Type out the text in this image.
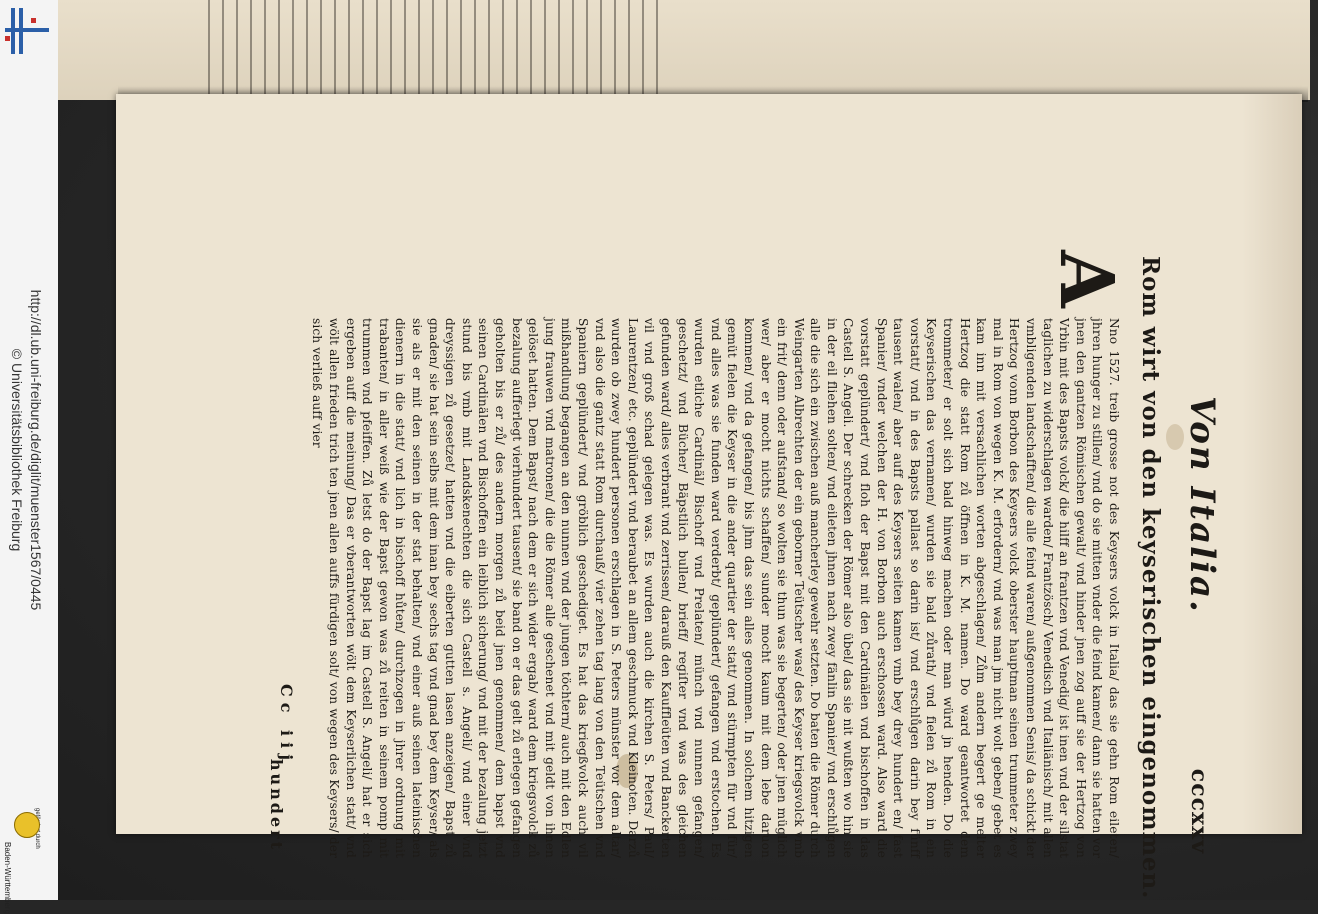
http://dl.ub.uni-freiburg.de/diglit/muenster1567/0445
© Universitätsbibliothek Freiburg
Baden-Württemberg
Von Italia.
cccxxv
Rom wirt von den keyserischen eingenommen.
A
Nno 1527. treib grosse not des Keysers volck in Italia/ das sie gehn Rom eileten/ jhren hunger zu stillen/ vnd do sie mitten vnder die feind kamen/ dann sie hatten vor jnen den gantzen Römischen gewalt/ vnd hinder jnen zog auff sie der Hertzog von Vrbin mit des Bapsts volck/ die hilff an frantzen vnd Venedig/ ist inen vnd der silstat taglichen zu widerschlagen warden/ Frantzösch/ Venedisch vnd Italiänisch/ mit allen vmbligenden landschafften/ die alle feind waren/ außgenommen Senis/ da schickt der Hertzog vonn Borbon des Keysers volck oberster hauptman seinen trummeter zwey mal in Rom von wegen K. M. erfordern/ vnd was man jm nicht wolt geben/ gebet es kam inn mit versachlichen worten abgeschlagen/ Zům andern begert ge melter Hertzog die statt Rom zů öffnen in K. M. namen. Do ward geantwortet dem trommeter/ er solt sich bald hinweg machen oder man würd jn henden. Do die Keyserischen das vernamen/ wurden sie bald zůrath/ vnd fielen zů Rom in ein vorstatt/ vnd in des Bapsts pallast so darin ist/ vnd erschlůgen darin bey fünff tausent walen/ aber auff des Keysers seiten kamen vmb bey drey hundert en/ fast Spanier/ vnder welchen der H. von Borbon auch erschossen ward. Also ward die vorstatt geplündert/ vnd floh der Bapst mit den Cardinälen vnd bischoffen in das Castell S. Angeli. Der schrecken der Römer also übel/ das sie nit wußten wo hin sie in der eil fliehen solten/ vnd eileten jhnen nach zwey fänlin Spanier/ vnd erschlůgen alle die sich ein zwischen auß mancherley gewehr setzten. Do baten die Römer durch Weingarten Albrechten der ein geborner Teütscher was/ des Keyser kriegsvolck vmb ein frit/ denn oder aufstand/ so wolten sie thun was sie begerten/ oder jnen müglich wer/ aber er mocht nichts schaffen/ sunder mocht kaum mit dem lebe daruon kommen/ vnd da gefangen/ bis jhm das sein alles genommen. In solchem hitzigen gemüt fielen die Keyser in die ander quartier der statt/ vnd stürmpten für vnd für/ vnd alles was sie funden ward verderbt/ geplündert/ gefangen vnd erstochen. Es wurden etliche Cardinäl/ Bischoff vnd Prelaten/ münch vnd nunnen gefangen/ geschetzt/ vnd Bücher/ Bäpstlich bullen/ brieff/ regiſter vnd was des gleichen gefunden ward/ alles verbrant vnd zerrissen/ darauß den Kauffleüten vnd Banckerten vil vnd groß schad gelegen was. Es wurden auch die kirchen S. Peters/ Paul/ Laurentzen/ etc. geplündert vnd beraubet an allem geschmuck vnd Kleinoten. Darzů wurden ob zwey hundert personen erschlagen in S. Peters münster vor dem altar/ vnd also die gantz statt Rom durchauß/ vier zehen tag lang von den Teütschen vnd Spaniern geplündert/ vnd gröblich geschediget. Es hat das kriegßvolck auch vil mißhandlung begangen an den nunnen vnd der jungen töchtern/ auch mit den Edlen jung frauwen vnd matronen/ die die Römer alle geschenet vnd mit geldt von ihnen gelöset hatten. Dem Bapst/ nach dem er sich wider ergab/ ward dem kriegsvolck zů bezalung aufferlegt vierhundert tausent/ sie band on er das gelt zů erlegen gefangen geholten bis er zů/ des andern morgen zů beid jnen genommen/ dem bapst vnd seinen Cardinälen vnd Bischoffen ein leiblich sicherung/ vnd mit der bezalung jetzt stund bis vmb mit Landskenechten die sich Castell s. Angeli/ vnd einer vnd dreyssigen zů gesetzet/ hatten vnd die eiberten gutten lasen anzeigen/ Bapst zů gnaden/ sie hat sein selbs mit dem inan bey sechs tag vnd gnad bey dem Keyser/ als sie als er mit den seinen in der stat behalten/ vnd einer auß seinen lateinischen dienern in die statt/ vnd lich in bischoff hůten/ durchzogen in jhrer ordnung mit trabanten/ in aller weiß wie der Bapst gewon was zů reiten in seinem pomp mit trummen vnd pfeiffen. Zů letst do der Bapst lag im Castell S. Angeli/ hat er sich ergeben auff die meinung/ Das er vberantworten wölt dem Keyserlichen statt/ vnd wölt allen frieden trich ten jnen allen auffs fürdigen solt/ von wegen des Keysers/ der sich verließ auff vier
Cc iij
hundert
